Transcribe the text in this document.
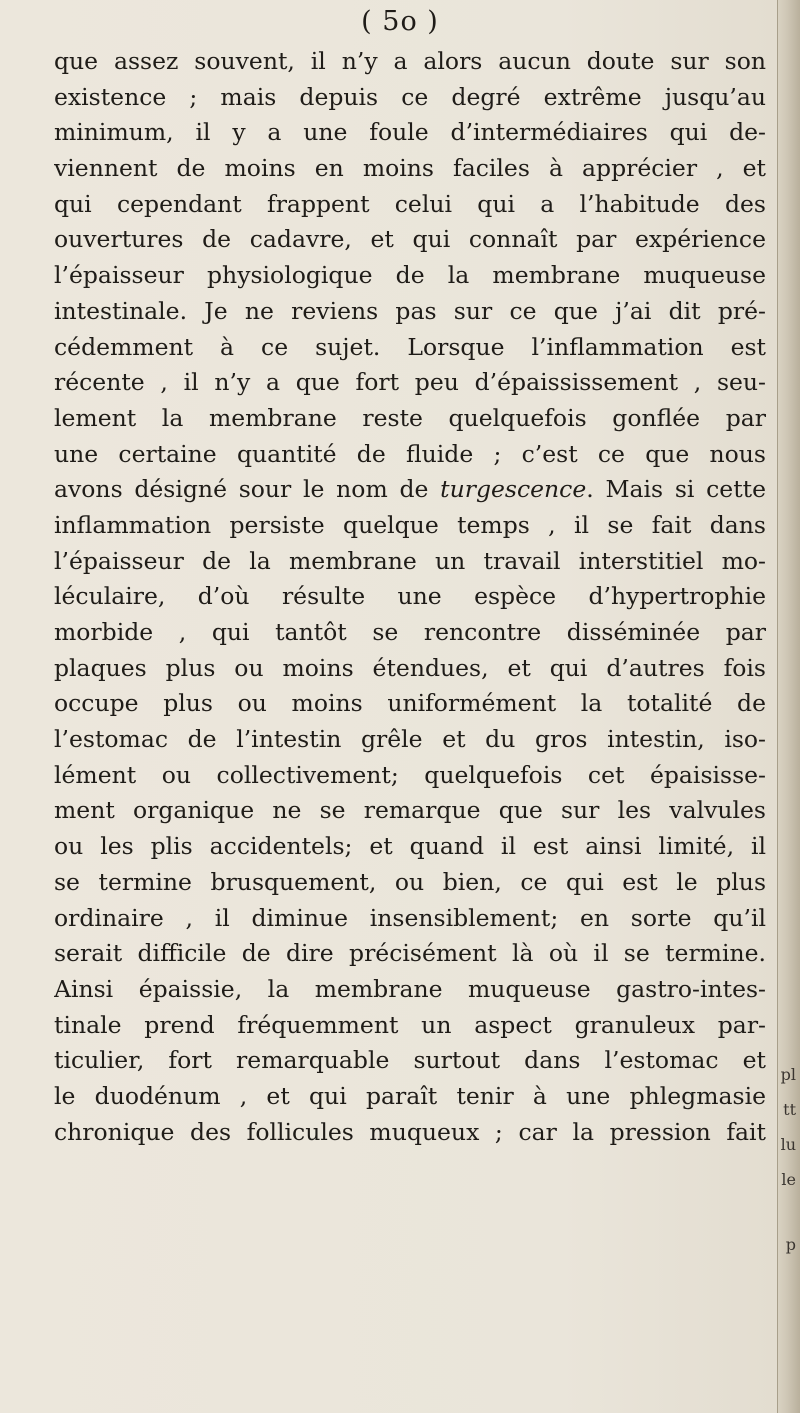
pl
tt
lu
le
p
( 5o )
que assez souvent, il n’y a alors aucun doute sur son
existence ; mais depuis ce degré extrême jusqu’au
minimum, il y a une foule d’intermédiaires qui de-
viennent de moins en moins faciles à apprécier , et
qui cependant frappent celui qui a l’habitude des
ouvertures de cadavre, et qui connaît par expérience
l’épaisseur physiologique de la membrane muqueuse
intestinale. Je ne reviens pas sur ce que j’ai dit pré-
cédemment à ce sujet. Lorsque l’inflammation est
récente , il n’y a que fort peu d’épaississement , seu-
lement la membrane reste quelquefois gonflée par
une certaine quantité de fluide ; c’est ce que nous
avons désigné sour le nom de turgescence. Mais si cette
inflammation persiste quelque temps , il se fait dans
l’épaisseur de la membrane un travail interstitiel mo-
léculaire, d’où résulte une espèce d’hypertrophie
morbide , qui tantôt se rencontre disséminée par
plaques plus ou moins étendues, et qui d’autres fois
occupe plus ou moins uniformément la totalité de
l’estomac de l’intestin grêle et du gros intestin, iso-
lément ou collectivement; quelquefois cet épaisisse-
ment organique ne se remarque que sur les valvules
ou les plis accidentels; et quand il est ainsi limité, il
se termine brusquement, ou bien, ce qui est le plus
ordinaire , il diminue insensiblement; en sorte qu’il
serait difficile de dire précisément là où il se termine.
Ainsi épaissie, la membrane muqueuse gastro-intes-
tinale prend fréquemment un aspect granuleux par-
ticulier, fort remarquable surtout dans l’estomac et
le duodénum , et qui paraît tenir à une phlegmasie
chronique des follicules muqueux ; car la pression fait
